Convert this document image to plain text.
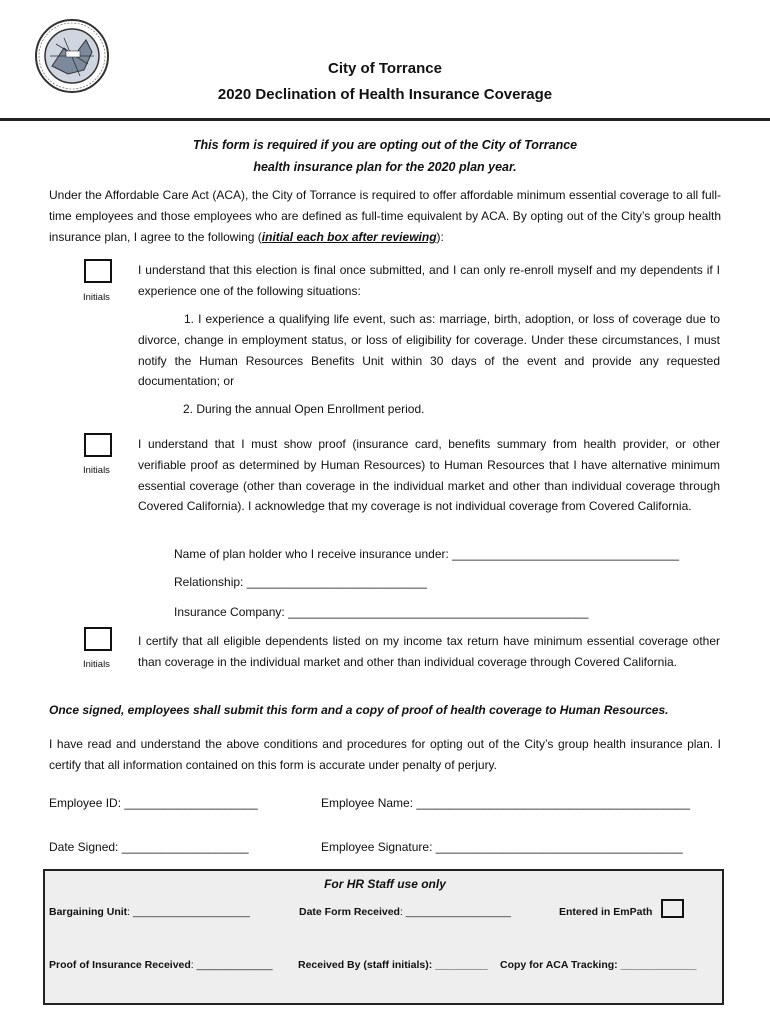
City of Torrance
2020 Declination of Health Insurance Coverage
This form is required if you are opting out of the City of Torrance
health insurance plan for the 2020 plan year.
Under the Affordable Care Act (ACA), the City of Torrance is required to offer affordable minimum essential coverage to all full-time employees and those employees who are defined as full-time equivalent by ACA. By opting out of the City’s group health insurance plan, I agree to the following (initial each box after reviewing):
Initials
I understand that this election is final once submitted, and I can only re-enroll myself and my dependents if I experience one of the following situations:
1. I experience a qualifying life event, such as: marriage, birth, adoption, or loss of coverage due to divorce, change in employment status, or loss of eligibility for coverage. Under these circumstances, I must notify the Human Resources Benefits Unit within 30 days of the event and provide any requested documentation; or
2. During the annual Open Enrollment period.
Initials
I understand that I must show proof (insurance card, benefits summary from health provider, or other verifiable proof as determined by Human Resources) to Human Resources that I have alternative minimum essential coverage (other than coverage in the individual market and other than individual coverage through Covered California). I acknowledge that my coverage is not individual coverage from Covered California.
Name of plan holder who I receive insurance under: __________________________________
Relationship: ___________________________
Insurance Company: _____________________________________________
Initials
I certify that all eligible dependents listed on my income tax return have minimum essential coverage other than coverage in the individual market and other than individual coverage through Covered California.
Once signed, employees shall submit this form and a copy of proof of health coverage to Human Resources.
I have read and understand the above conditions and procedures for opting out of the City’s group health insurance plan. I certify that all information contained on this form is accurate under penalty of perjury.
Employee ID: ____________________	Employee Name: _________________________________________
Date Signed: ___________________	Employee Signature: _____________________________________
For HR Staff use only
Bargaining Unit: ____________________	Date Form Received: __________________	Entered in EmPath
Proof of Insurance Received: _____________ Received By (staff initials): _________ Copy for ACA Tracking: _____________
